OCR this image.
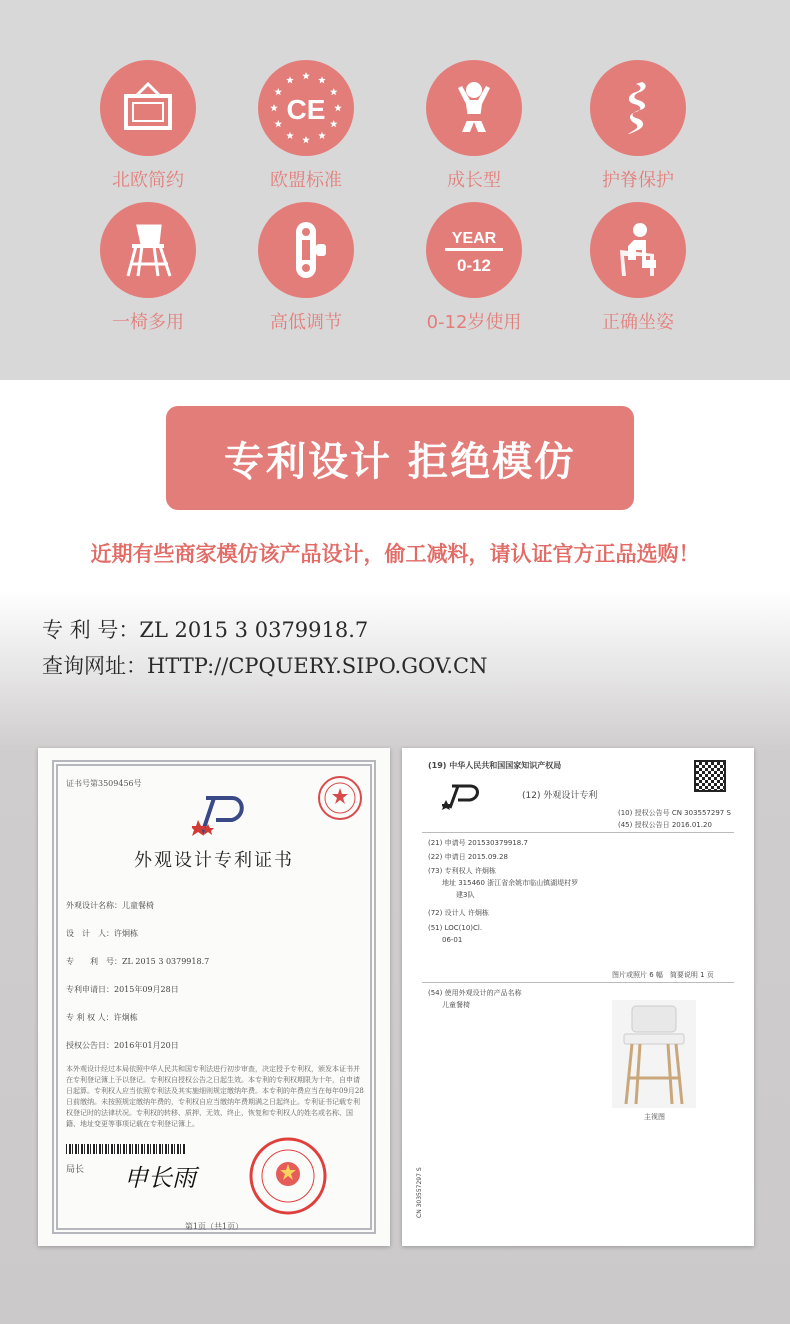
北欧简约
CE
欧盟标准	成长型	护脊保护
一椅多用	高低调节
YEAR
0-12
0-12岁使用	正确坐姿
专利设计 拒绝模仿
近期有些商家模仿该产品设计，偷工减料，请认证官方正品选购！
专 利 号：ZL 2015 3 0379918.7
查询网址：HTTP://CPQUERY.SIPO.GOV.CN
证书号第3509456号
外观设计专利证书
外观设计名称：儿童餐椅
设　计　人：许炯栋
专　　利　号：ZL 2015 3 0379918.7
专利申请日：2015年09月28日
专 利 权 人：许炯栋
授权公告日：2016年01月20日
本外观设计经过本局依照中华人民共和国专利法进行初步审查，决定授予专利权，颁发本证书并在专利登记簿上予以登记。专利权自授权公告之日起生效。本专利的专利权期限为十年，自申请日起算。专利权人应当依照专利法及其实施细则规定缴纳年费。本专利的年费应当在每年09月28日前缴纳。未按照规定缴纳年费的，专利权自应当缴纳年费期满之日起终止。专利证书记载专利权登记时的法律状况。专利权的转移、质押、无效、终止、恢复和专利权人的姓名或名称、国籍、地址变更等事项记载在专利登记簿上。
局长 申长雨
第1页（共1页）
(19) 中华人民共和国国家知识产权局
(12) 外观设计专利
(10) 授权公告号 CN 303557297 S
(45) 授权公告日 2016.01.20
(21) 申请号 201530379918.7
(22) 申请日 2015.09.28
(73) 专利权人 许炯栋
地址 315460 浙江省余姚市临山镇湖堤村罗
建3队
(72) 设计人 许炯栋
(51) LOC(10)Cl.
06-01
图片或照片 6 幅　简要说明 1 页
(54) 使用外观设计的产品名称
儿童餐椅
主视图
CN 303557297 S
